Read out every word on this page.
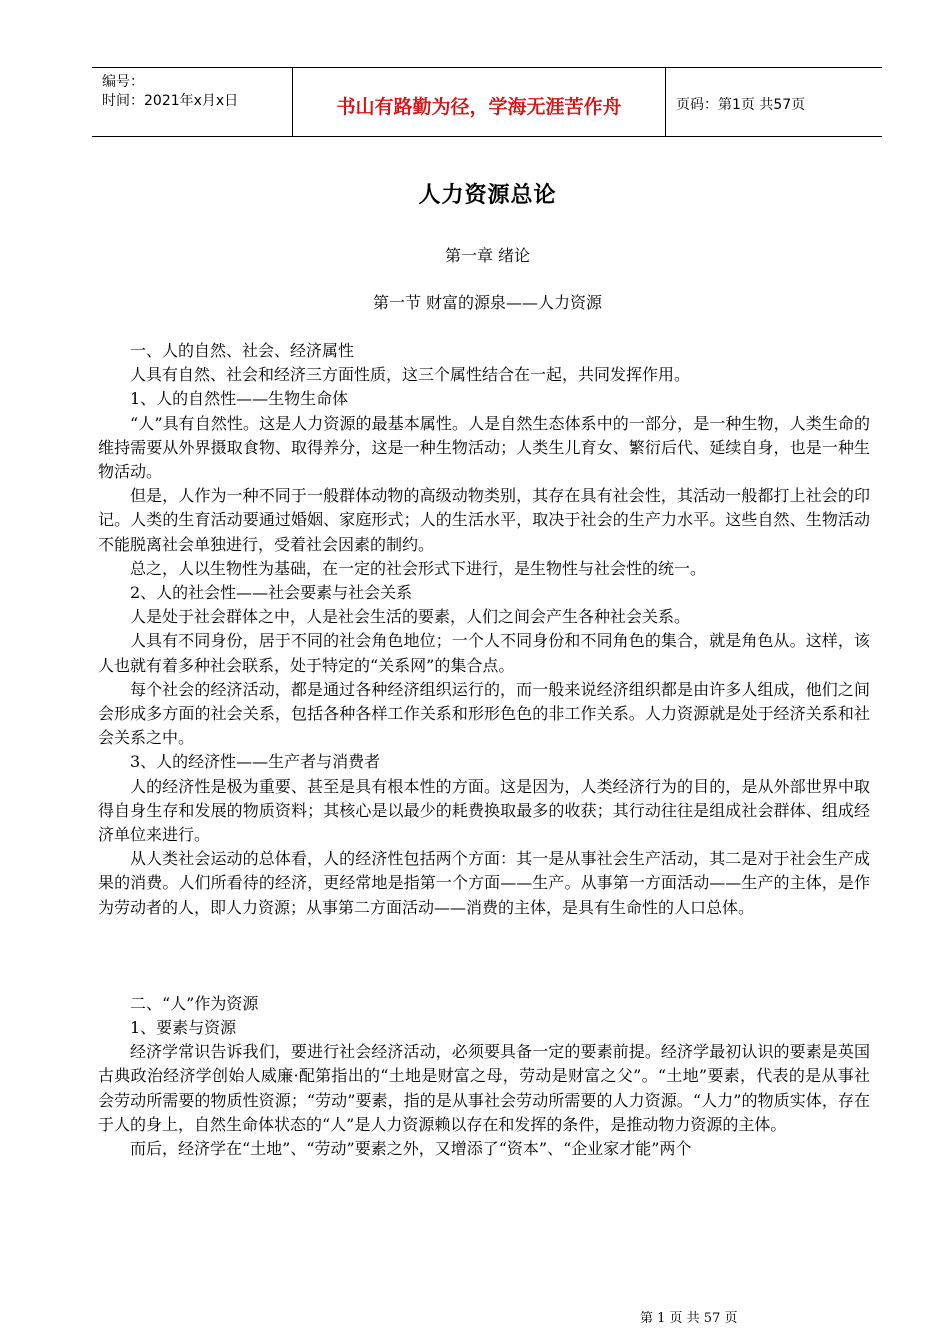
编号：
时间：2021年x月x日	书山有路勤为径，学海无涯苦作舟	页码：第1页 共57页
人力资源总论
第一章 绪论
第一节 财富的源泉——人力资源

一、人的自然、社会、经济属性

人具有自然、社会和经济三方面性质，这三个属性结合在一起，共同发挥作用。

1、人的自然性——生物生命体

“人”具有自然性。这是人力资源的最基本属性。人是自然生态体系中的一部分，是一种生物，人类生命的维持需要从外界摄取食物、取得养分，这是一种生物活动；人类生儿育女、繁衍后代、延续自身，也是一种生物活动。

但是，人作为一种不同于一般群体动物的高级动物类别，其存在具有社会性，其活动一般都打上社会的印记。人类的生育活动要通过婚姻、家庭形式；人的生活水平，取决于社会的生产力水平。这些自然、生物活动不能脱离社会单独进行，受着社会因素的制约。

总之，人以生物性为基础，在一定的社会形式下进行，是生物性与社会性的统一。

2、人的社会性——社会要素与社会关系

人是处于社会群体之中，人是社会生活的要素，人们之间会产生各种社会关系。

人具有不同身份，居于不同的社会角色地位；一个人不同身份和不同角色的集合，就是角色从。这样，该人也就有着多种社会联系，处于特定的“关系网”的集合点。

每个社会的经济活动，都是通过各种经济组织运行的，而一般来说经济组织都是由许多人组成，他们之间会形成多方面的社会关系，包括各种各样工作关系和形形色色的非工作关系。人力资源就是处于经济关系和社会关系之中。

3、人的经济性——生产者与消费者

人的经济性是极为重要、甚至是具有根本性的方面。这是因为，人类经济行为的目的，是从外部世界中取得自身生存和发展的物质资料；其核心是以最少的耗费换取最多的收获；其行动往往是组成社会群体、组成经济单位来进行。

从人类社会运动的总体看，人的经济性包括两个方面：其一是从事社会生产活动，其二是对于社会生产成果的消费。人们所看待的经济，更经常地是指第一个方面——生产。从事第一方面活动——生产的主体，是作为劳动者的人，即人力资源；从事第二方面活动——消费的主体，是具有生命性的人口总体。

二、“人”作为资源

1、要素与资源

经济学常识告诉我们，要进行社会经济活动，必须要具备一定的要素前提。经济学最初认识的要素是英国古典政治经济学创始人威廉·配第指出的“土地是财富之母，劳动是财富之父”。“土地”要素，代表的是从事社会劳动所需要的物质性资源；“劳动”要素，指的是从事社会劳动所需要的人力资源。“人力”的物质实体，存在于人的身上，自然生命体状态的“人”是人力资源赖以存在和发挥的条件，是推动物力资源的主体。

而后，经济学在“土地”、“劳动”要素之外，又增添了“资本”、“企业家才能”两个

第 1 页 共 57 页
